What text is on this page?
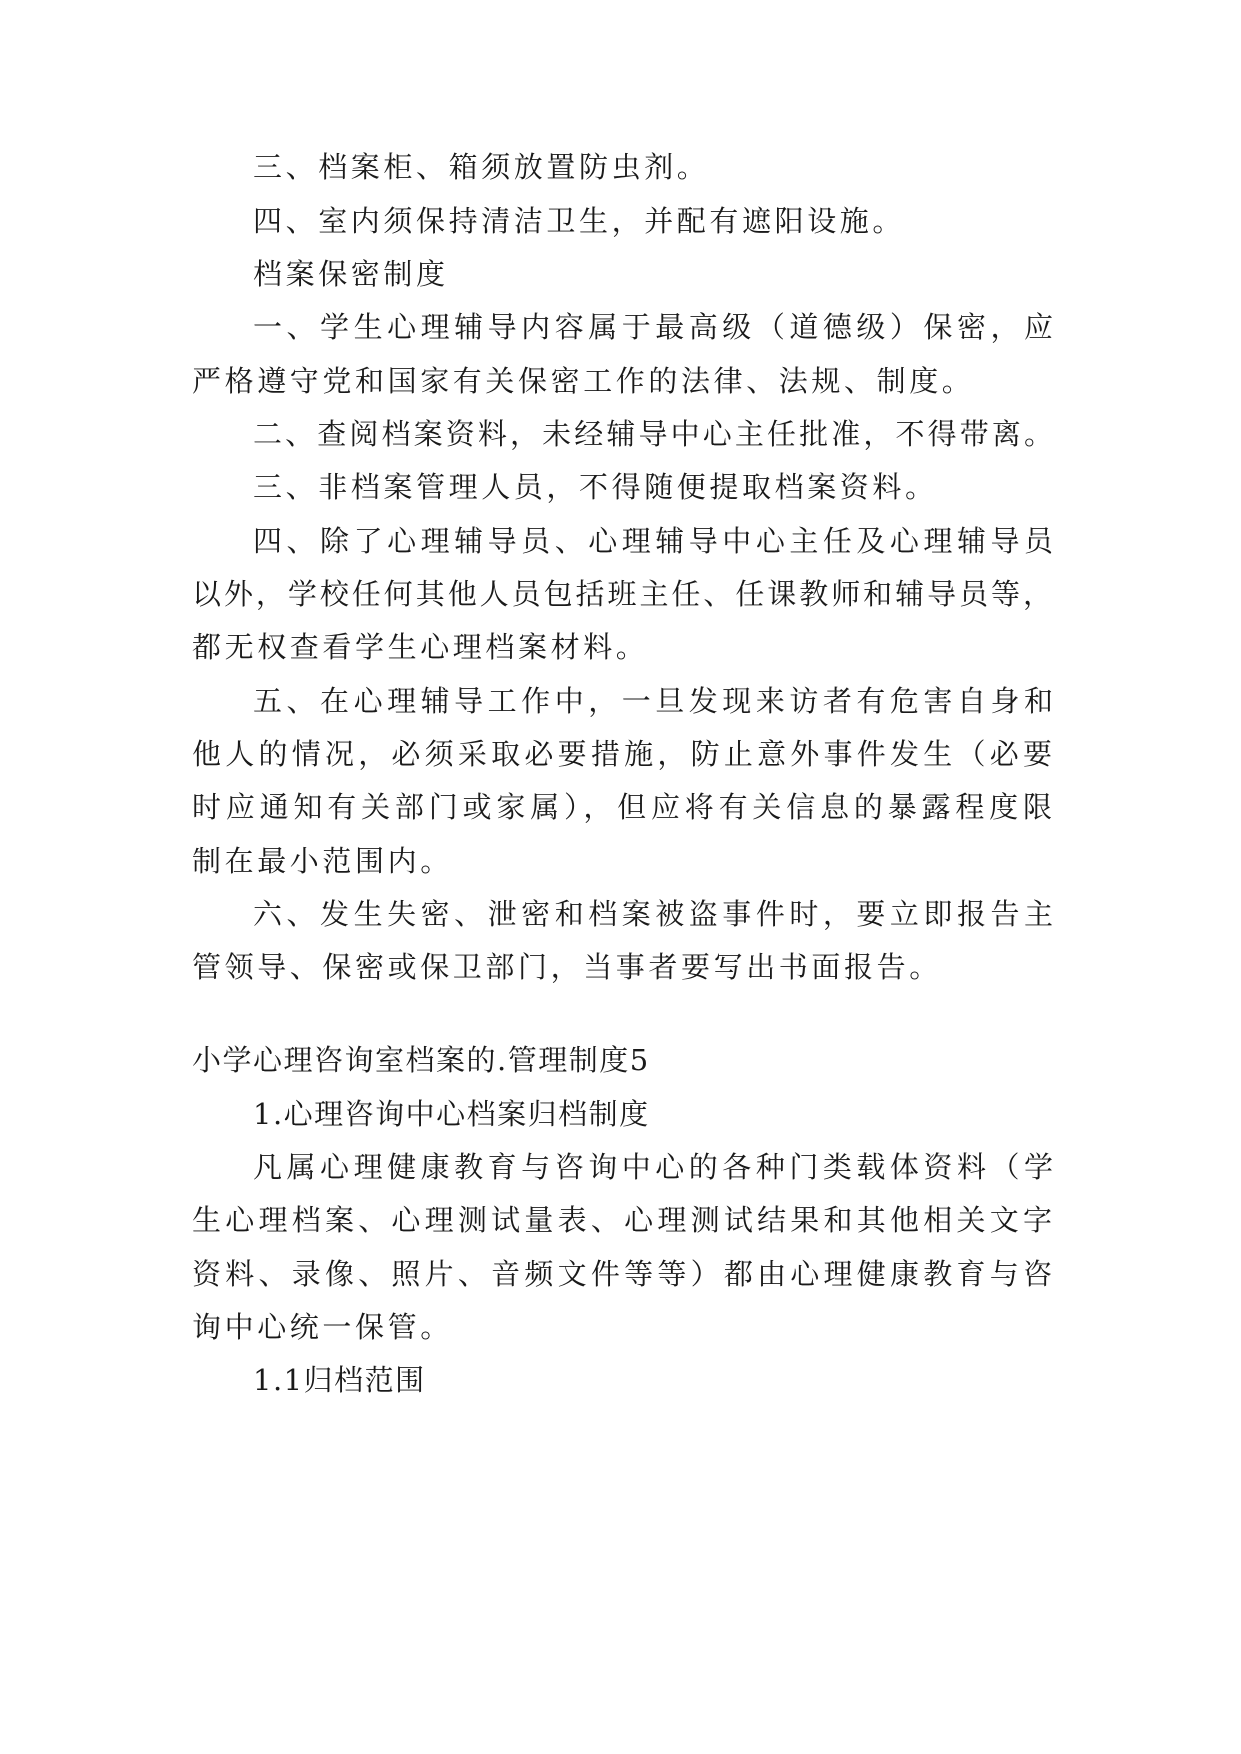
三、档案柜、箱须放置防虫剂。

四、室内须保持清洁卫生，并配有遮阳设施。

档案保密制度

一、学生心理辅导内容属于最高级（道德级）保密，应

严格遵守党和国家有关保密工作的法律、法规、制度。

二、查阅档案资料，未经辅导中心主任批准，不得带离。

三、非档案管理人员，不得随便提取档案资料。

四、除了心理辅导员、心理辅导中心主任及心理辅导员

以外，学校任何其他人员包括班主任、任课教师和辅导员等，

都无权查看学生心理档案材料。

五、在心理辅导工作中，一旦发现来访者有危害自身和

他人的情况，必须采取必要措施，防止意外事件发生（必要

时应通知有关部门或家属），但应将有关信息的暴露程度限

制在最小范围内。

六、发生失密、泄密和档案被盗事件时，要立即报告主

管领导、保密或保卫部门，当事者要写出书面报告。

小学心理咨询室档案的.管理制度5

1.心理咨询中心档案归档制度

凡属心理健康教育与咨询中心的各种门类载体资料（学

生心理档案、心理测试量表、心理测试结果和其他相关文字

资料、录像、照片、音频文件等等）都由心理健康教育与咨

询中心统一保管。

1.1归档范围
